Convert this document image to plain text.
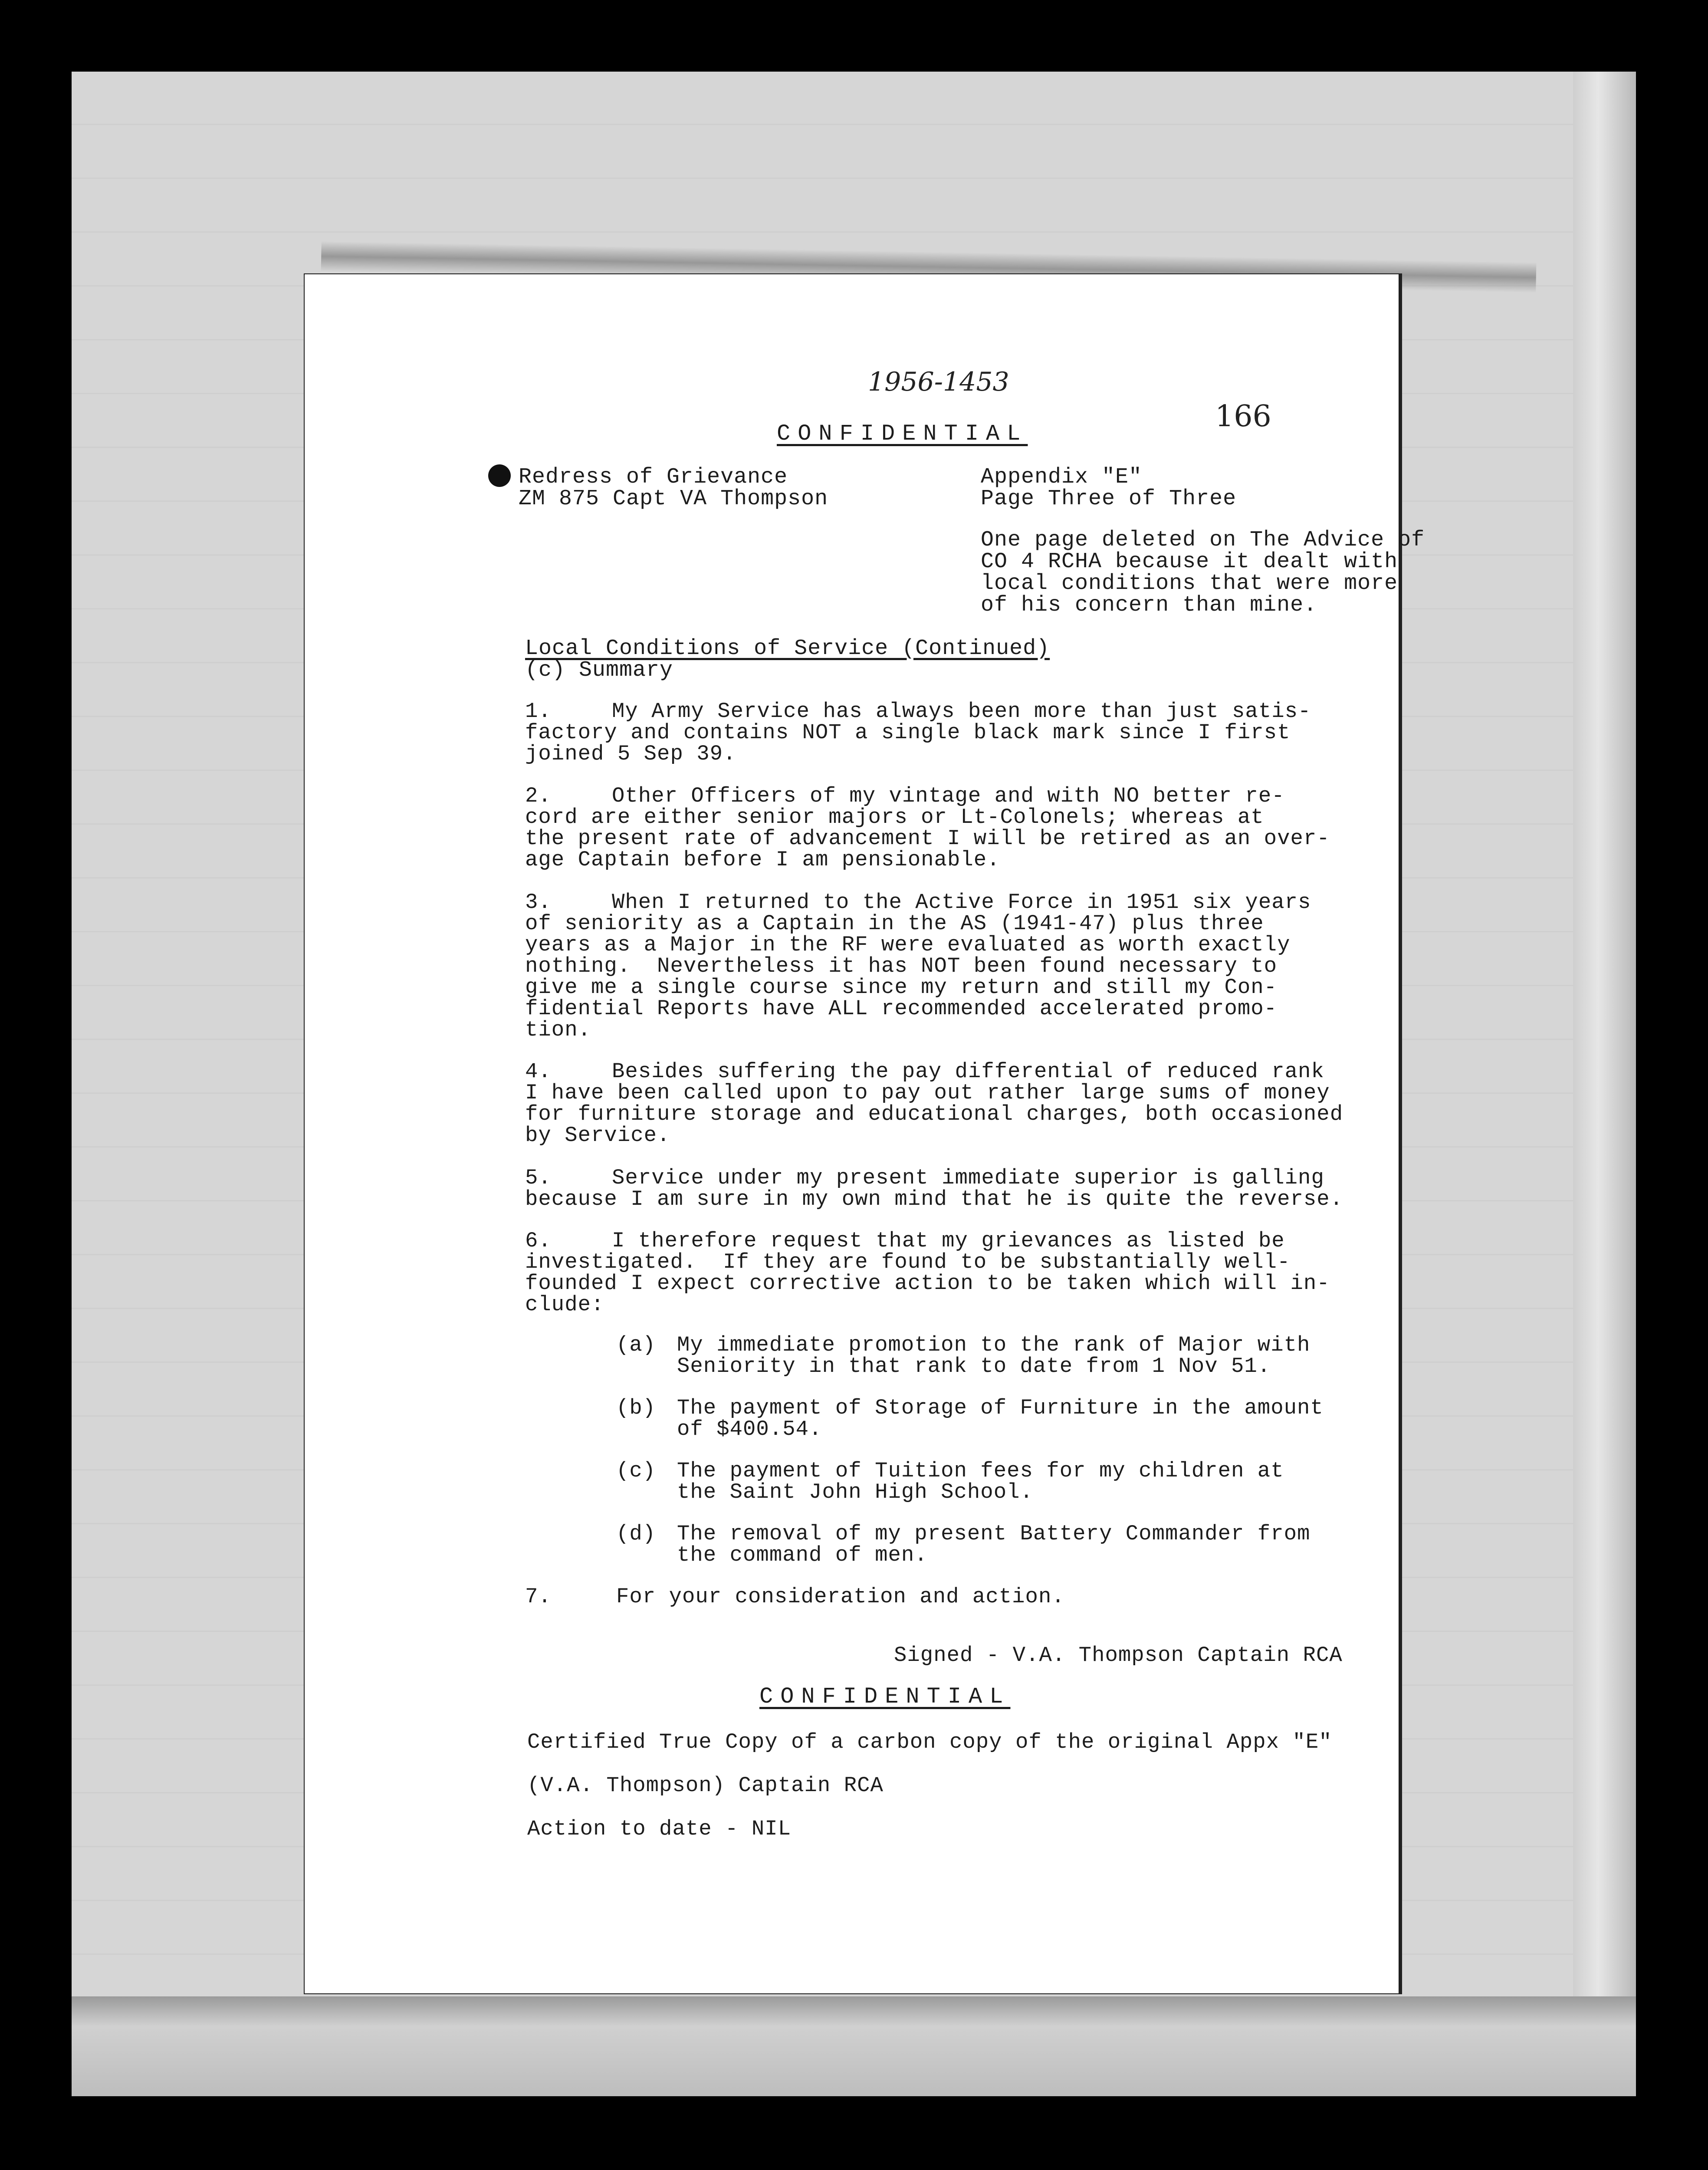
1956-1453
166
CONFIDENTIAL
Redress of Grievance
ZM 875 Capt VA Thompson
Appendix "E"
Page Three of Three
One page deleted on The Advice of
CO 4 RCHA because it dealt with
local conditions that were more
of his concern than mine.
Local Conditions of Service (Continued)
(c) Summary
1.	My Army Service has always been more than just satis-
factory and contains NOT a single black mark since I first
joined 5 Sep 39.
2.	Other Officers of my vintage and with NO better re-
cord are either senior majors or Lt-Colonels; whereas at
the present rate of advancement I will be retired as an over-
age Captain before I am pensionable.
3.	When I returned to the Active Force in 1951 six years
of seniority as a Captain in the AS (1941-47) plus three
years as a Major in the RF were evaluated as worth exactly
nothing.  Nevertheless it has NOT been found necessary to
give me a single course since my return and still my Con-
fidential Reports have ALL recommended accelerated promo-
tion.
4.	Besides suffering the pay differential of reduced rank
I have been called upon to pay out rather large sums of money
for furniture storage and educational charges, both occasioned
by Service.
5.	Service under my present immediate superior is galling
because I am sure in my own mind that he is quite the reverse.
6.	I therefore request that my grievances as listed be
investigated.  If they are found to be substantially well-
founded I expect corrective action to be taken which will in-
clude:
(a) My immediate promotion to the rank of Major with
Seniority in that rank to date from 1 Nov 51.
(b) The payment of Storage of Furniture in the amount
of $400.54.
(c) The payment of Tuition fees for my children at
the Saint John High School.
(d) The removal of my present Battery Commander from
the command of men.
7.	For your consideration and action.
Signed - V.A. Thompson Captain RCA
CONFIDENTIAL
Certified True Copy of a carbon copy of the original Appx "E"
(V.A. Thompson) Captain RCA
Action to date - NIL
